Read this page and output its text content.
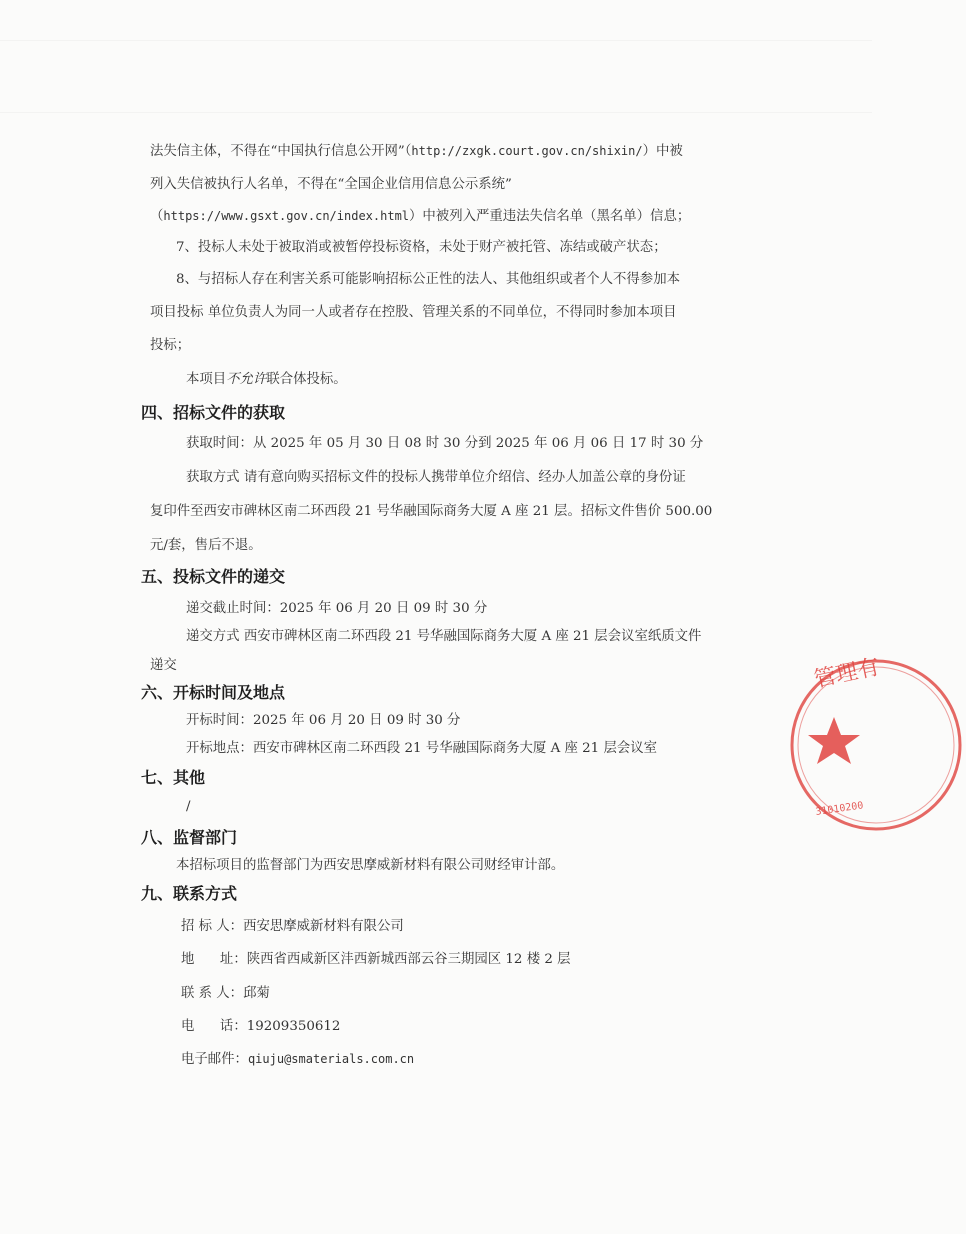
法失信主体，不得在“中国执行信息公开网”（http://zxgk.court.gov.cn/shixin/）中被
列入失信被执行人名单，不得在“全国企业信用信息公示系统”
（https://www.gsxt.gov.cn/index.html）中被列入严重违法失信名单（黑名单）信息；
7、投标人未处于被取消或被暂停投标资格，未处于财产被托管、冻结或破产状态；
8、与招标人存在利害关系可能影响招标公正性的法人、其他组织或者个人不得参加本
项目投标 单位负责人为同一人或者存在控股、管理关系的不同单位，不得同时参加本项目
投标；
本项目不允许联合体投标。
四、招标文件的获取
获取时间：从 2025 年 05 月 30 日 08 时 30 分到 2025 年 06 月 06 日 17 时 30 分
获取方式 请有意向购买招标文件的投标人携带单位介绍信、经办人加盖公章的身份证
复印件至西安市碑林区南二环西段 21 号华融国际商务大厦 A 座 21 层。招标文件售价 500.00
元/套，售后不退。
五、投标文件的递交
递交截止时间：2025 年 06 月 20 日 09 时 30 分
递交方式 西安市碑林区南二环西段 21 号华融国际商务大厦 A 座 21 层会议室纸质文件
递交
六、开标时间及地点
开标时间：2025 年 06 月 20 日 09 时 30 分
开标地点：西安市碑林区南二环西段 21 号华融国际商务大厦 A 座 21 层会议室
七、其他
/
八、监督部门
本招标项目的监督部门为西安思摩威新材料有限公司财经审计部。
九、联系方式
招 标 人：西安思摩威新材料有限公司
地      址：陕西省西咸新区沣西新城西部云谷三期园区 12 楼 2 层
联 系 人：邱菊
电      话：19209350612
电子邮件：qiuju@smaterials.com.cn
管理有
31010200
